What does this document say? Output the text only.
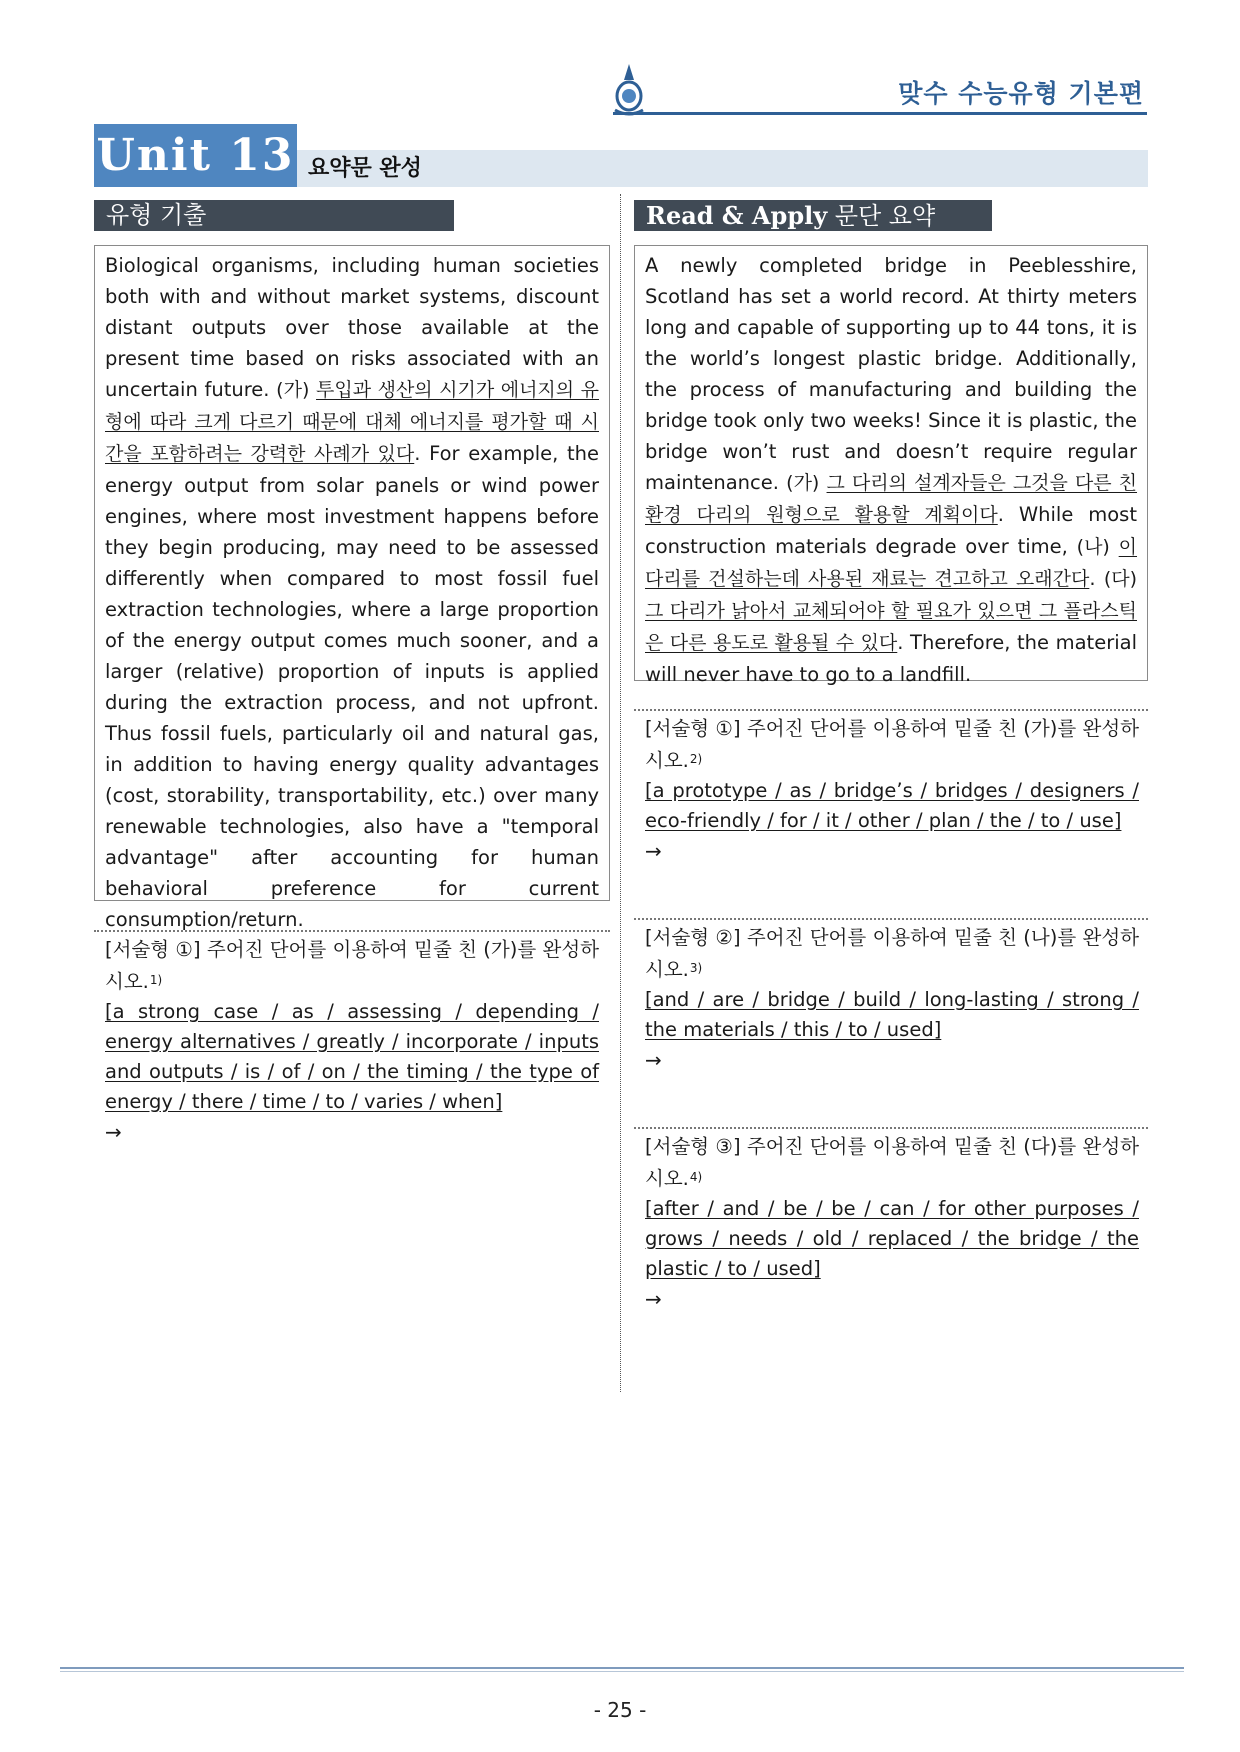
맞수 수능유형 기본편
Unit 13 요약문 완성
유형 기출	Read & Apply 문단 요약
Biological organisms, including human societies both with and without market systems, discount distant outputs over those available at the present time based on risks associated with an uncertain future. (가) 투입과 생산의 시기가 에너지의 유형에 따라 크게 다르기 때문에 대체 에너지를 평가할 때 시간을 포함하려는 강력한 사례가 있다. For example, the energy output from solar panels or wind power engines, where most investment happens before they begin producing, may need to be assessed differently when compared to most fossil fuel extraction technologies, where a large proportion of the energy output comes much sooner, and a larger (relative) proportion of inputs is applied during the extraction process, and not upfront. Thus fossil fuels, particularly oil and natural gas, in addition to having energy quality advantages (cost, storability, transportability, etc.) over many renewable technologies, also have a "temporal advantage" after accounting for human behavioral preference for current consumption/return.
A newly completed bridge in Peeblesshire, Scotland has set a world record. At thirty meters long and capable of supporting up to 44 tons, it is the world’s longest plastic bridge. Additionally, the process of manufacturing and building the bridge took only two weeks! Since it is plastic, the bridge won’t rust and doesn’t require regular maintenance. (가) 그 다리의 설계자들은 그것을 다른 친환경 다리의 원형으로 활용할 계획이다. While most construction materials degrade over time, (나) 이 다리를 건설하는데 사용된 재료는 견고하고 오래간다. (다) 그 다리가 낡아서 교체되어야 할 필요가 있으면 그 플라스틱은 다른 용도로 활용될 수 있다. Therefore, the material will never have to go to a landfill.
[서술형 ①] 주어진 단어를 이용하여 밑줄 친 (가)를 완성하시오.$^{1)}$
[a strong case / as / assessing / depending / energy alternatives / greatly / incorporate / inputs and outputs / is / of / on / the timing / the type of energy / there / time / to / varies / when]
→
[서술형 ①] 주어진 단어를 이용하여 밑줄 친 (가)를 완성하시오.$^{2)}$
[a prototype / as / bridge’s / bridges / designers / eco-friendly / for / it / other / plan / the / to / use]
→
[서술형 ②] 주어진 단어를 이용하여 밑줄 친 (나)를 완성하시오.$^{3)}$
[and / are / bridge / build / long-lasting / strong / the materials / this / to / used]
→
[서술형 ③] 주어진 단어를 이용하여 밑줄 친 (다)를 완성하시오.$^{4)}$
[after / and / be / be / can / for other purposes / grows / needs / old / replaced / the bridge / the plastic / to / used]
→
- 25 -
